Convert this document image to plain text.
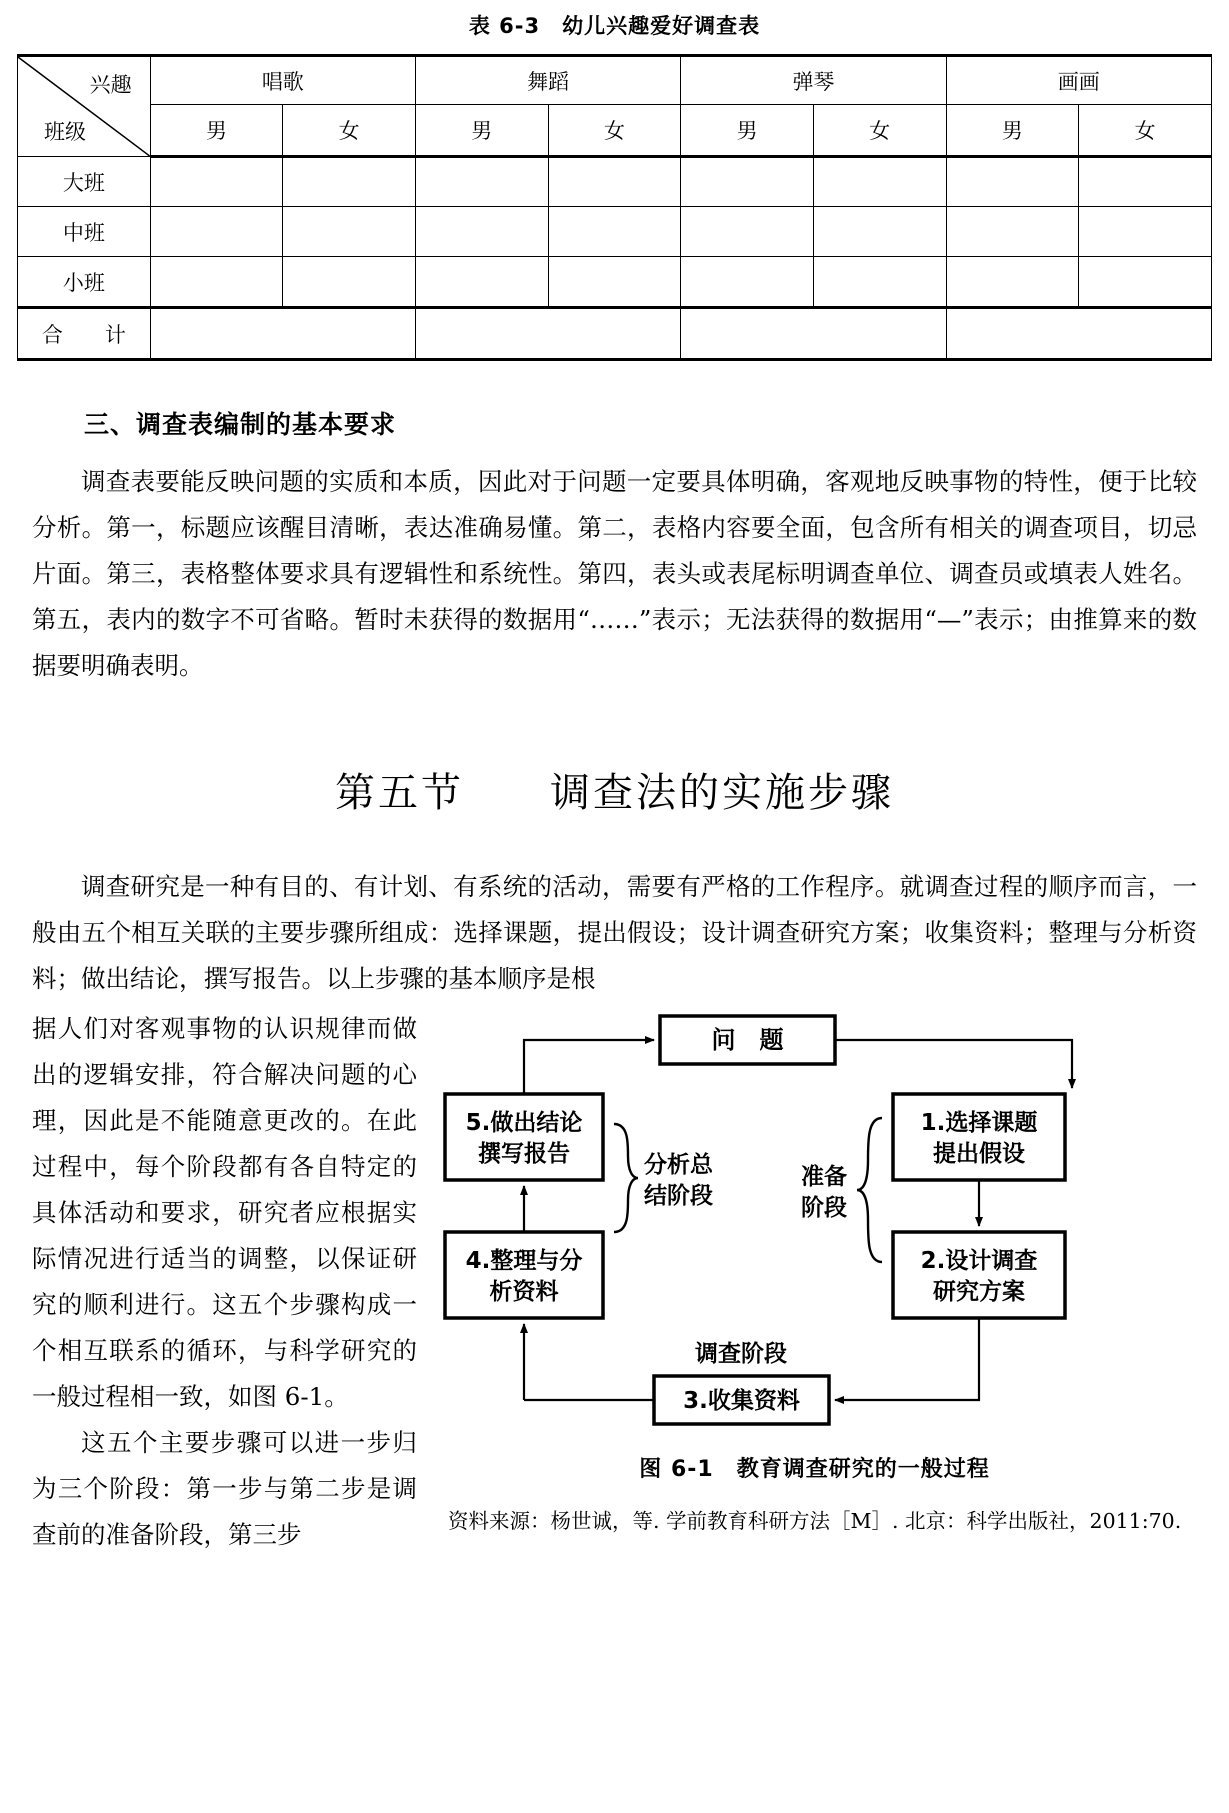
表 6-3　幼儿兴趣爱好调查表
兴趣
班级	唱歌		舞蹈		弹琴		画画	
	男	女	男	女	男	女	男	女
大班								
中班								
小班								
合　　计								
三、调查表编制的基本要求

调查表要能反映问题的实质和本质，因此对于问题一定要具体明确，客观地反映事物的特性，便于比较分析。第一，标题应该醒目清晰，表达准确易懂。第二，表格内容要全面，包含所有相关的调查项目，切忌片面。第三，表格整体要求具有逻辑性和系统性。第四，表头或表尾标明调查单位、调查员或填表人姓名。第五，表内的数字不可省略。暂时未获得的数据用“……”表示；无法获得的数据用“—”表示；由推算来的数据要明确表明。

第五节　　调查法的实施步骤

调查研究是一种有目的、有计划、有系统的活动，需要有严格的工作程序。就调查过程的顺序而言，一般由五个相互关联的主要步骤所组成：选择课题，提出假设；设计调查研究方案；收集资料；整理与分析资料；做出结论，撰写报告。以上步骤的基本顺序是根

据人们对客观事物的认识规律而做出的逻辑安排，符合解决问题的心理，因此是不能随意更改的。在此过程中，每个阶段都有各自特定的具体活动和要求，研究者应根据实际情况进行适当的调整，以保证研究的顺利进行。这五个步骤构成一个相互联系的循环，与科学研究的一般过程相一致，如图 6-1。

这五个主要步骤可以进一步归为三个阶段：第一步与第二步是调查前的准备阶段，第三步

问　题
1.选择课题
提出假设
2.设计调查
研究方案
3.收集资料
4.整理与分
析资料
5.做出结论
撰写报告	分析总
结阶段
准备
阶段
调查阶段
图 6-1　教育调查研究的一般过程
资料来源：杨世诚，等. 学前教育科研方法［M］. 北京：科学出版社，2011:70.
